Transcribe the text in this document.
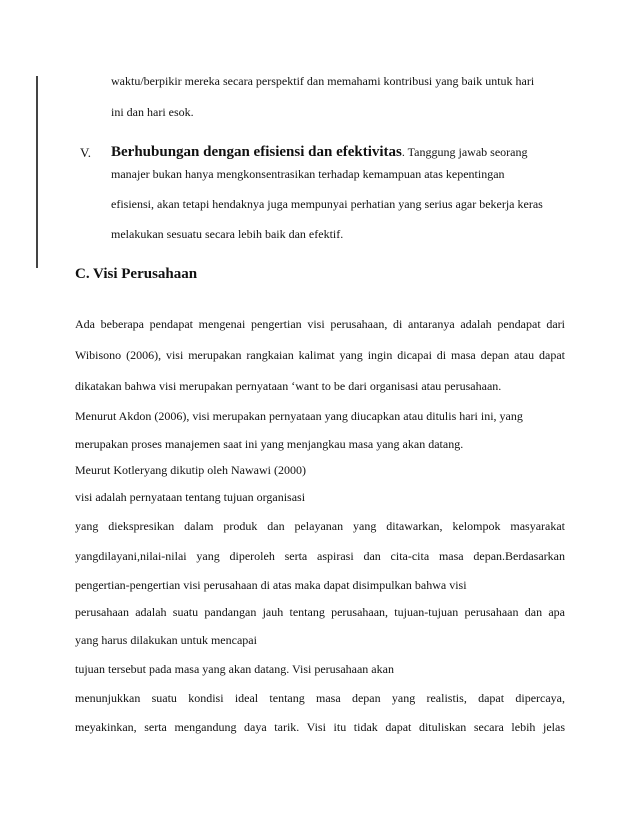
waktu/berpikir mereka secara perspektif dan memahami kontribusi yang baik untuk hari
ini dan hari esok.
V. Berhubungan dengan efisiensi dan efektivitas. Tanggung jawab seorang
manajer bukan hanya mengkonsentrasikan terhadap kemampuan atas kepentingan
efisiensi, akan tetapi hendaknya juga mempunyai perhatian yang serius agar bekerja keras
melakukan sesuatu secara lebih baik dan efektif.
C. Visi Perusahaan
Ada beberapa pendapat mengenai pengertian visi perusahaan, di antaranya adalah pendapat dari
Wibisono (2006), visi merupakan rangkaian kalimat yang ingin dicapai di masa depan atau dapat
dikatakan bahwa visi merupakan pernyataan ‘want to be dari organisasi atau perusahaan.
Menurut Akdon (2006), visi merupakan pernyataan yang diucapkan atau ditulis hari ini, yang
merupakan proses manajemen saat ini yang menjangkau masa yang akan datang.
Meurut Kotleryang dikutip oleh Nawawi (2000)
visi adalah pernyataan tentang tujuan organisasi
yang diekspresikan dalam produk dan pelayanan yang ditawarkan, kelompok masyarakat
yangdilayani,nilai-nilai yang diperoleh serta aspirasi dan cita-cita masa depan.Berdasarkan
pengertian-pengertian visi perusahaan di atas maka dapat disimpulkan bahwa visi
perusahaan adalah suatu pandangan jauh tentang perusahaan, tujuan-tujuan perusahaan dan apa
yang harus dilakukan untuk mencapai
tujuan tersebut pada masa yang akan datang. Visi perusahaan akan
menunjukkan suatu kondisi ideal tentang masa depan yang realistis, dapat dipercaya,
meyakinkan, serta mengandung daya tarik. Visi itu tidak dapat dituliskan secara lebih jelas
